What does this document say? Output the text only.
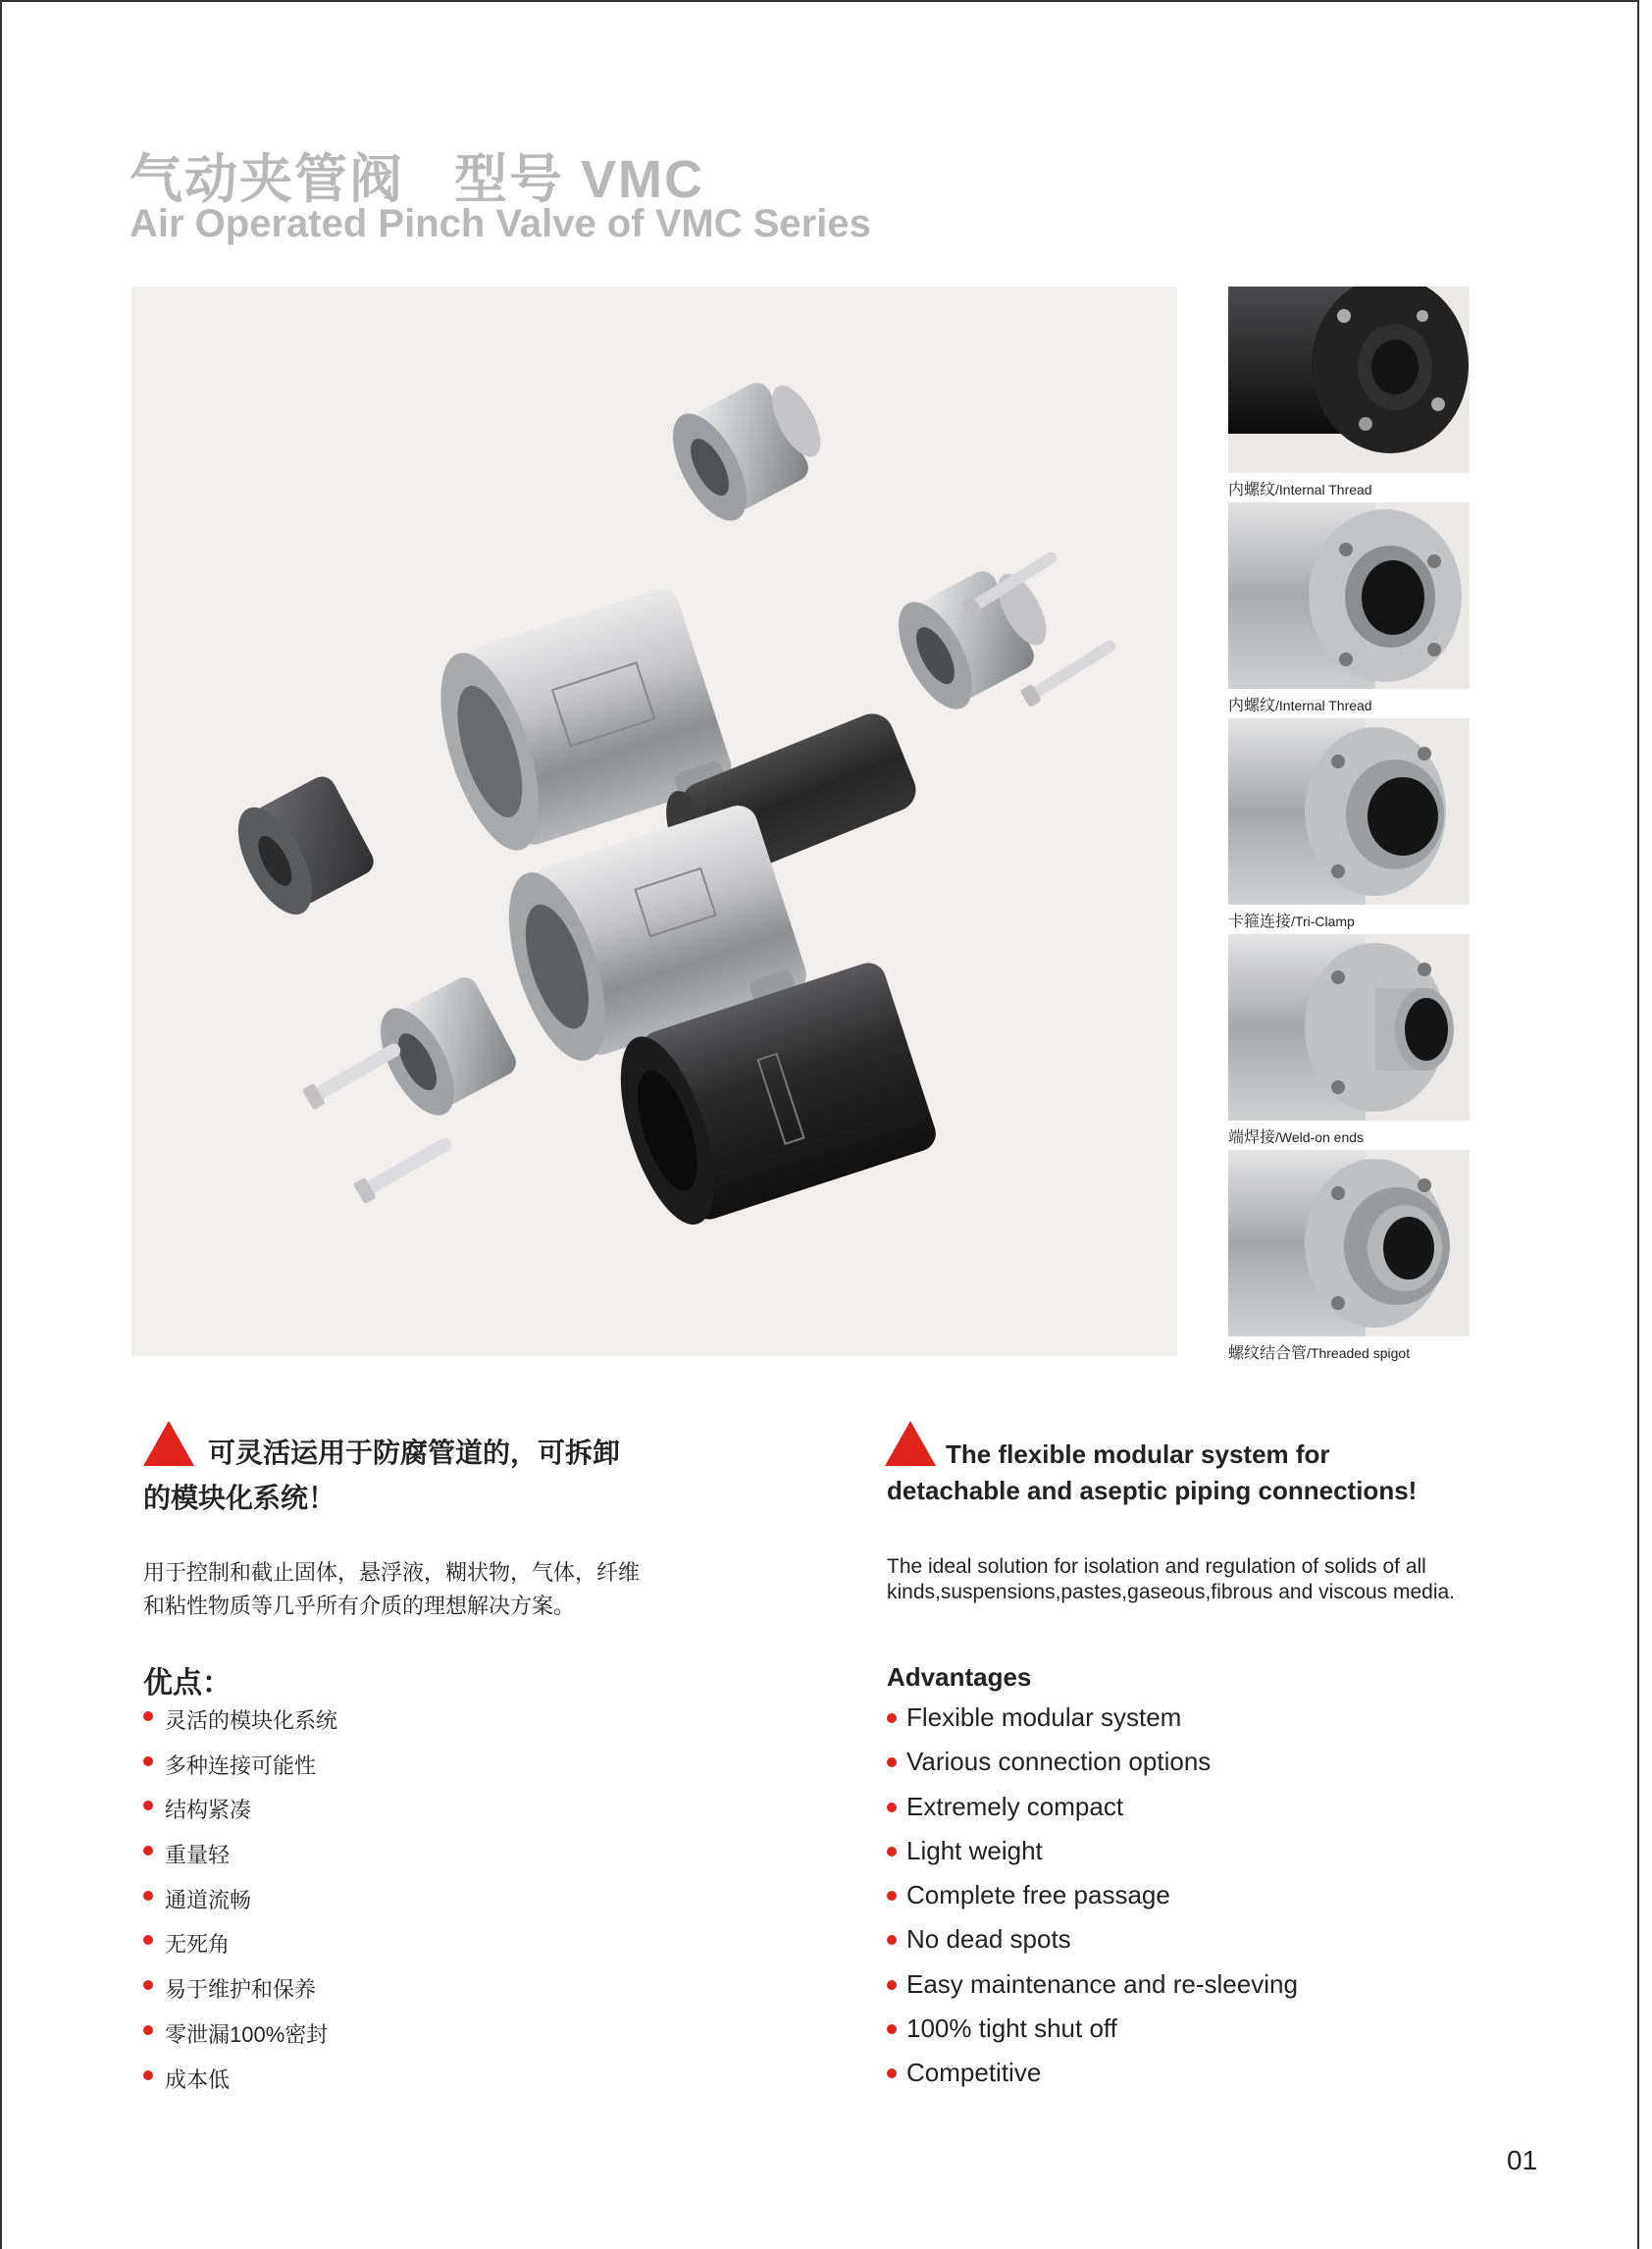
气动夹管阀   型号 VMC
Air Operated Pinch Valve of VMC Series
内螺纹/Internal Thread
内螺纹/Internal Thread
卡箍连接/Tri-Clamp
端焊接/Weld-on ends
螺纹结合管/Threaded spigot
可灵活运用于防腐管道的，可拆卸
的模块化系统！
用于控制和截止固体，悬浮液，糊状物，气体，纤维
和粘性物质等几乎所有介质的理想解决方案。
优点：
灵活的模块化系统
多种连接可能性
结构紧凑
重量轻
通道流畅
无死角
易于维护和保养
零泄漏100%密封
成本低
The flexible modular system for
detachable and aseptic piping connections!
The ideal solution for isolation and regulation of solids of all
kinds,suspensions,pastes,gaseous,fibrous and viscous media.
Advantages
Flexible modular system
Various connection options
Extremely compact
Light weight
Complete free passage
No dead spots
Easy maintenance and re-sleeving
100% tight shut off
Competitive
01
